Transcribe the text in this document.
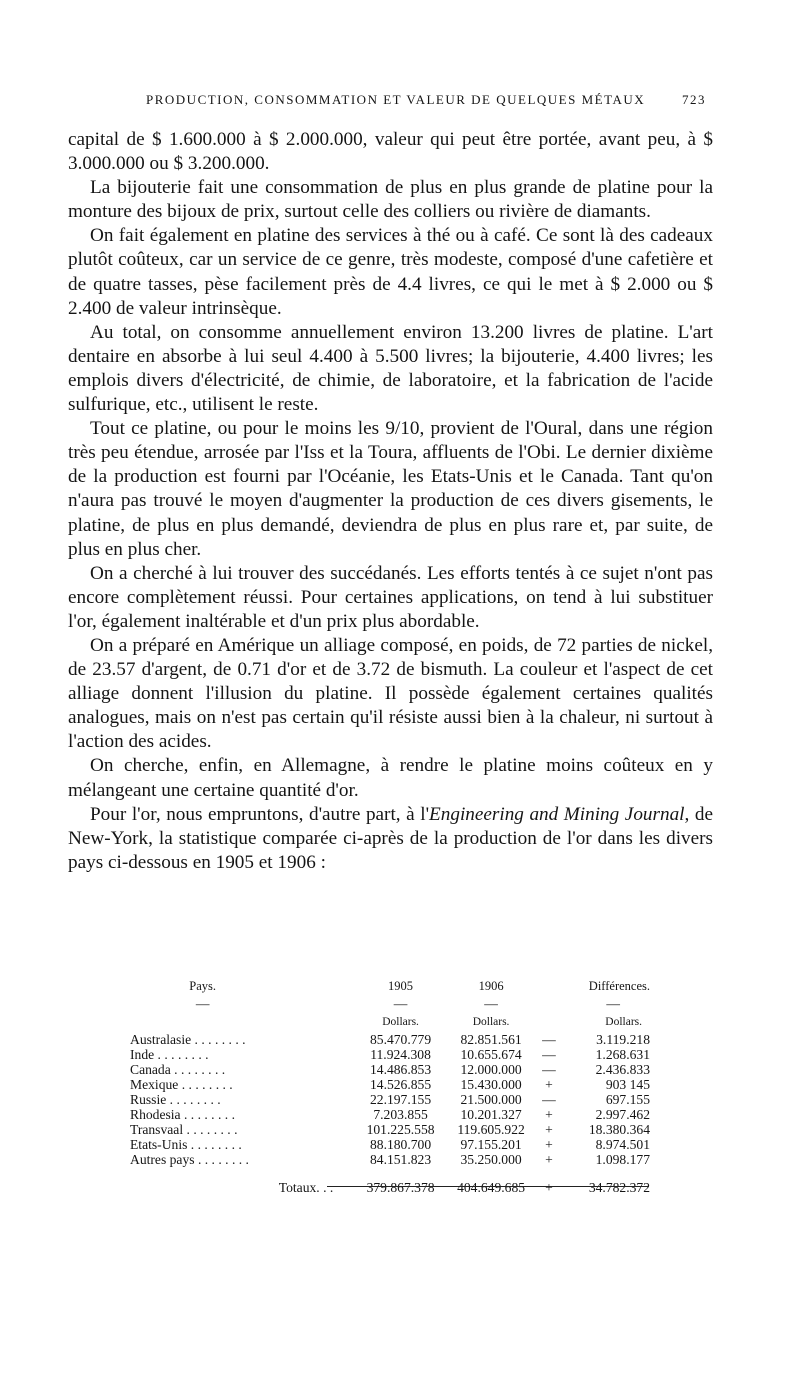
PRODUCTION, CONSOMMATION ET VALEUR DE QUELQUES MÉTAUX	723

capital de $ 1.600.000 à $ 2.000.000, valeur qui peut être portée, avant peu, à $ 3.000.000 ou $ 3.200.000.

La bijouterie fait une consommation de plus en plus grande de platine pour la monture des bijoux de prix, surtout celle des colliers ou rivière de diamants.

On fait également en platine des services à thé ou à café. Ce sont là des cadeaux plutôt coûteux, car un service de ce genre, très modeste, composé d'une cafetière et de quatre tasses, pèse facilement près de 4.4 livres, ce qui le met à $ 2.000 ou $ 2.400 de valeur intrinsèque.

Au total, on consomme annuellement environ 13.200 livres de platine. L'art dentaire en absorbe à lui seul 4.400 à 5.500 livres; la bijouterie, 4.400 livres; les emplois divers d'électricité, de chimie, de laboratoire, et la fabrication de l'acide sulfurique, etc., utilisent le reste.

Tout ce platine, ou pour le moins les 9/10, provient de l'Oural, dans une région très peu étendue, arrosée par l'Iss et la Toura, affluents de l'Obi. Le dernier dixième de la production est fourni par l'Océanie, les Etats-Unis et le Canada. Tant qu'on n'aura pas trouvé le moyen d'augmenter la production de ces divers gisements, le platine, de plus en plus demandé, deviendra de plus en plus rare et, par suite, de plus en plus cher.

On a cherché à lui trouver des succédanés. Les efforts tentés à ce sujet n'ont pas encore complètement réussi. Pour certaines applications, on tend à lui substituer l'or, également inaltérable et d'un prix plus abordable.

On a préparé en Amérique un alliage composé, en poids, de 72 parties de nickel, de 23.57 d'argent, de 0.71 d'or et de 3.72 de bismuth. La couleur et l'aspect de cet alliage donnent l'illusion du platine. Il possède également certaines qualités analogues, mais on n'est pas certain qu'il résiste aussi bien à la chaleur, ni surtout à l'action des acides.

On cherche, enfin, en Allemagne, à rendre le platine moins coûteux en y mélangeant une certaine quantité d'or.

Pour l'or, nous empruntons, d'autre part, à l'Engineering and Mining Journal, de New-York, la statistique comparée ci-après de la production de l'or dans les divers pays ci-dessous en 1905 et 1906 :

Pays.	1905	1906	Différences.	
—	—	—	—	
	Dollars.	Dollars.	Dollars.	
Australasie . . .	85.470.779	82.851.561	—	3.119.218
Inde . . .	11.924.308	10.655.674	—	1.268.631
Canada . . .	14.486.853	12.000.000	—	2.436.833
Mexique . . .	14.526.855	15.430.000	+	903 145
Russie . . .	22.197.155	21.500.000	—	697.155
Rhodesia . . .	7.203.855	10.201.327	+	2.997.462
Transvaal . . .	101.225.558	119.605.922	+	18.380.364
Etats-Unis . . .	88.180.700	97.155.201	+	8.974.501
Autres pays . . .	84.151.823	35.250.000	+	1.098.177
Totaux. . .	379.867.378	404.649.685	+	34.782.372
